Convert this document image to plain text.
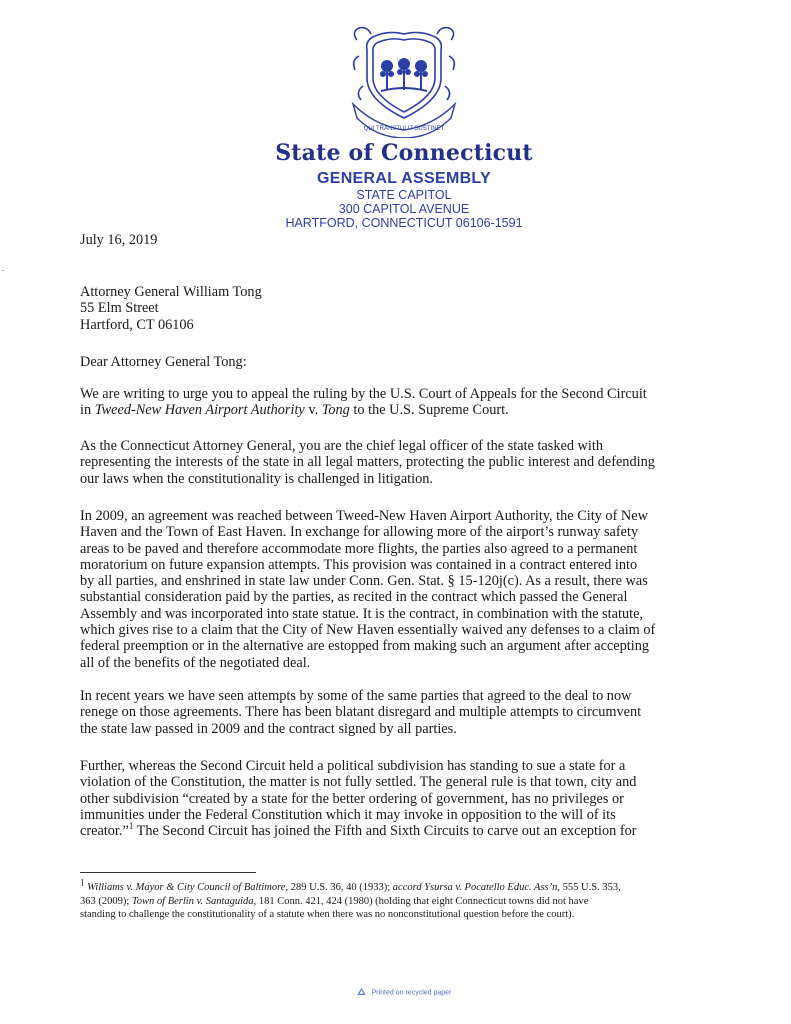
QUI TRANSTULIT SUSTINET
State of Connecticut
GENERAL ASSEMBLY
STATE CAPITOL
300 CAPITOL AVENUE
HARTFORD, CONNECTICUT 06106-1591
July 16, 2019
Attorney General William Tong
55 Elm Street
Hartford, CT 06106
Dear Attorney General Tong:
We are writing to urge you to appeal the ruling by the U.S. Court of Appeals for the Second Circuit
in Tweed-New Haven Airport Authority v. Tong to the U.S. Supreme Court.
As the Connecticut Attorney General, you are the chief legal officer of the state tasked with
representing the interests of the state in all legal matters, protecting the public interest and defending
our laws when the constitutionality is challenged in litigation.
In 2009, an agreement was reached between Tweed-New Haven Airport Authority, the City of New
Haven and the Town of East Haven. In exchange for allowing more of the airport’s runway safety
areas to be paved and therefore accommodate more flights, the parties also agreed to a permanent
moratorium on future expansion attempts. This provision was contained in a contract entered into
by all parties, and enshrined in state law under Conn. Gen. Stat. § 15-120j(c). As a result, there was
substantial consideration paid by the parties, as recited in the contract which passed the General
Assembly and was incorporated into state statue. It is the contract, in combination with the statute,
which gives rise to a claim that the City of New Haven essentially waived any defenses to a claim of
federal preemption or in the alternative are estopped from making such an argument after accepting
all of the benefits of the negotiated deal.
In recent years we have seen attempts by some of the same parties that agreed to the deal to now
renege on those agreements. There has been blatant disregard and multiple attempts to circumvent
the state law passed in 2009 and the contract signed by all parties.
Further, whereas the Second Circuit held a political subdivision has standing to sue a state for a
violation of the Constitution, the matter is not fully settled. The general rule is that town, city and
other subdivision “created by a state for the better ordering of government, has no privileges or
immunities under the Federal Constitution which it may invoke in opposition to the will of its
creator.”$^1$ The Second Circuit has joined the Fifth and Sixth Circuits to carve out an exception for
$^1$ Williams v. Mayor & City Council of Baltimore, 289 U.S. 36, 40 (1933); accord Ysursa v. Pocatello Educ. Ass’n, 555 U.S. 353,
363 (2009); Town of Berlin v. Santaguida, 181 Conn. 421, 424 (1980) (holding that eight Connecticut towns did not have
standing to challenge the constitutionality of a statute when there was no nonconstitutional question before the court).
Printed on recycled paper
